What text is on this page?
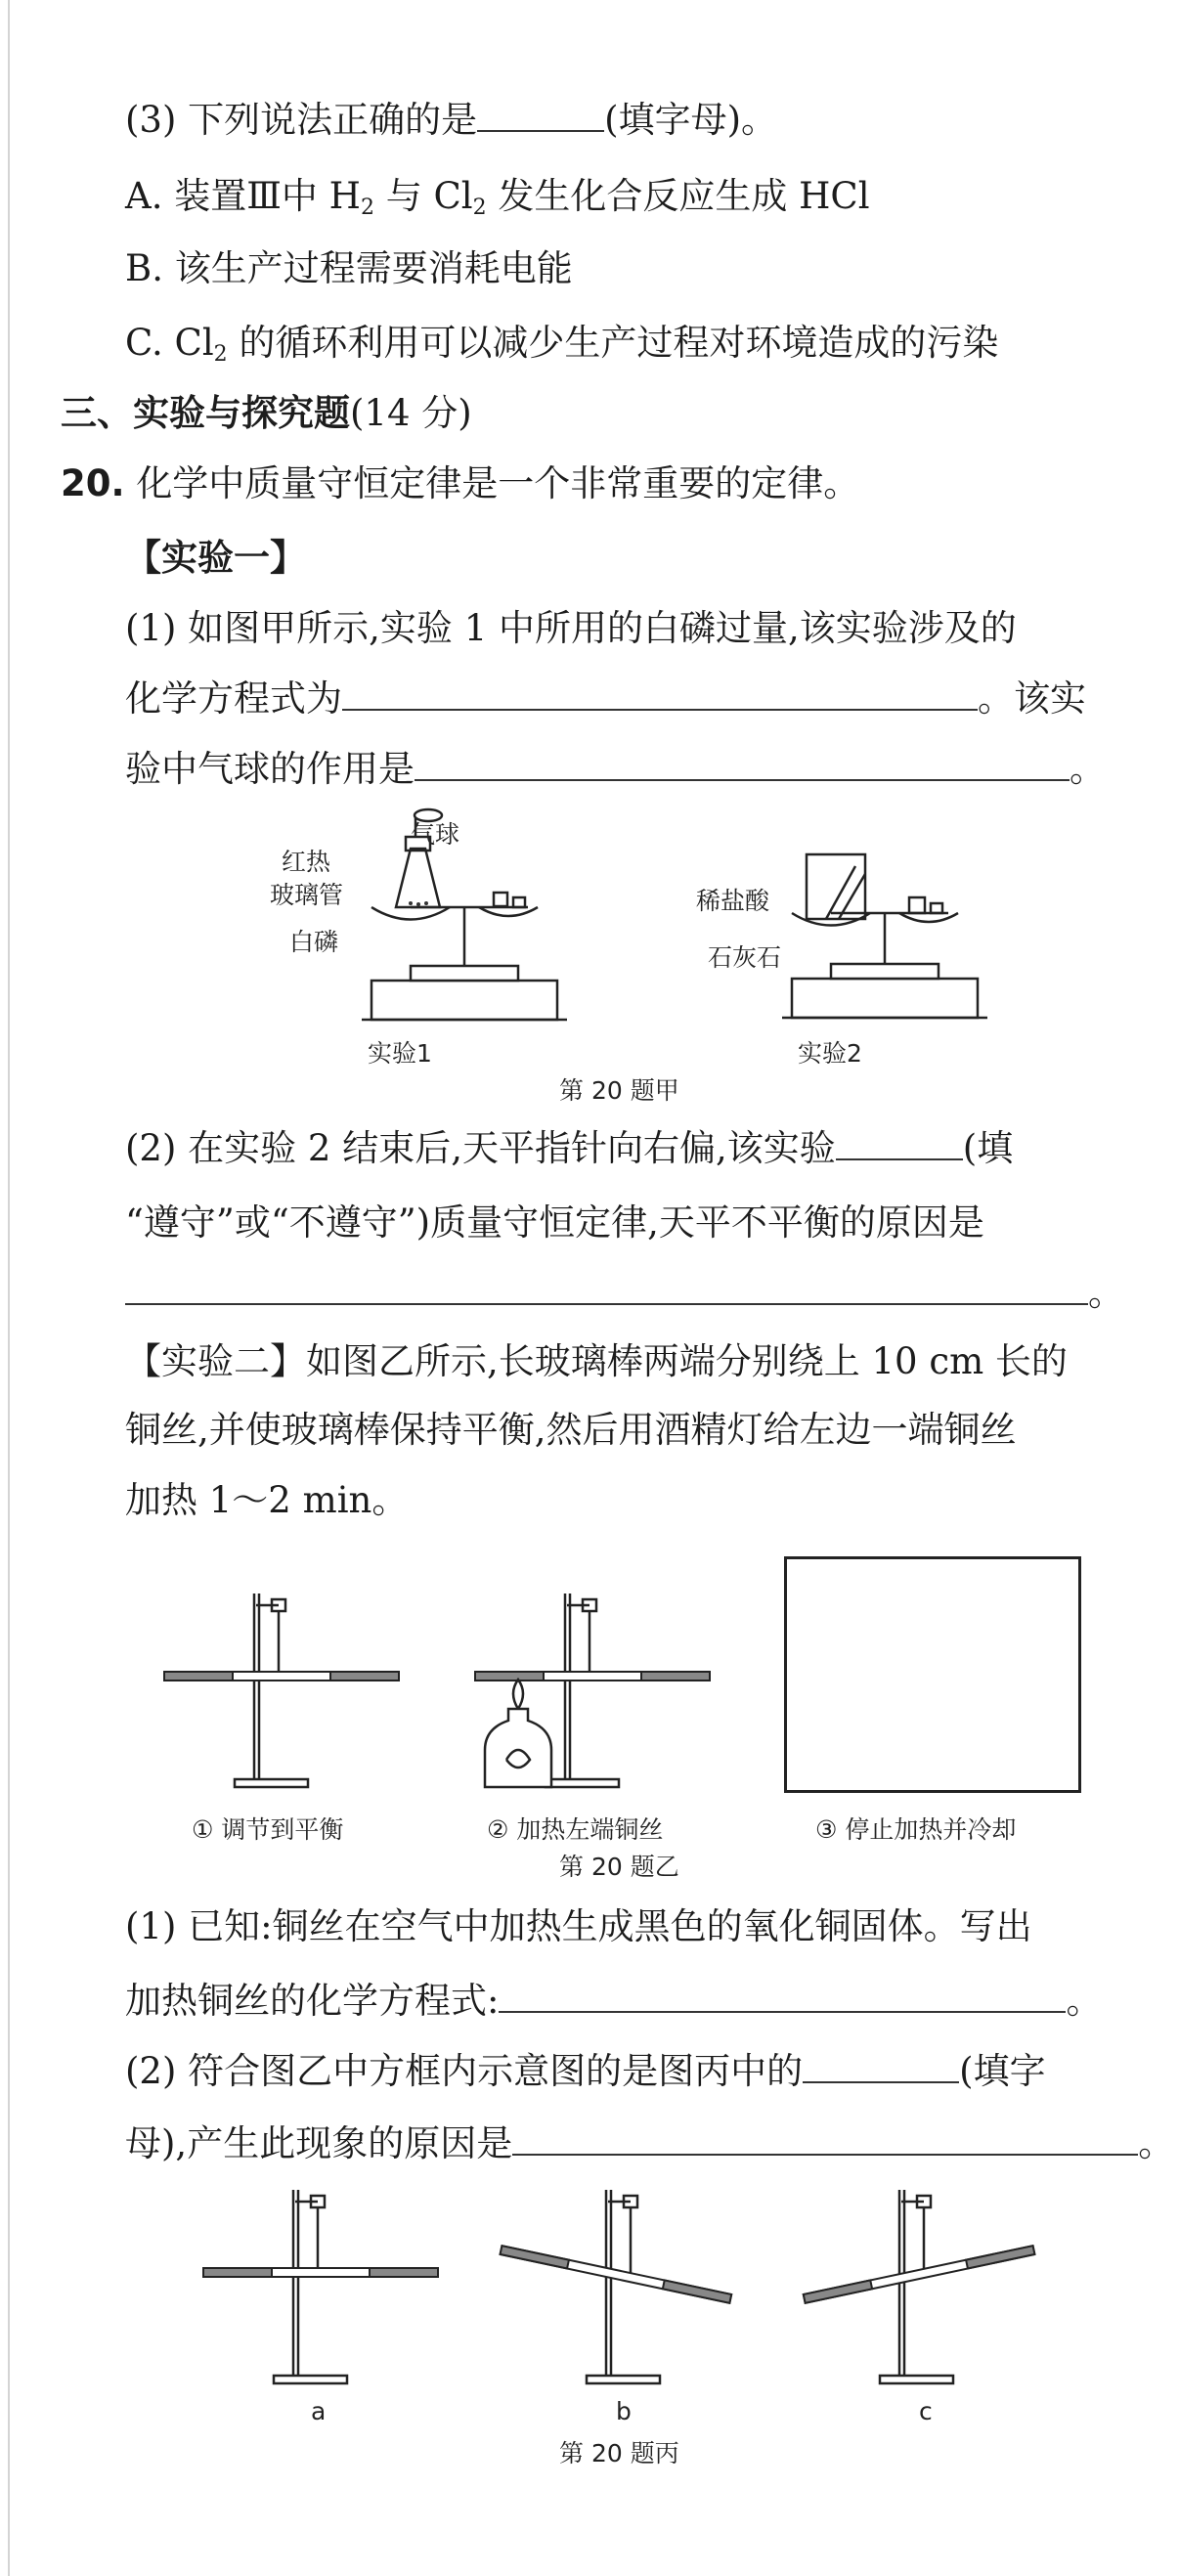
(3) 下列说法正确的是	(填字母)。
A. 装置Ⅲ中 $H_2$ 与 $Cl_2$ 发生化合反应生成 HCl
B. 该生产过程需要消耗电能
C. $Cl_2$ 的循环利用可以减少生产过程对环境造成的污染
三、实验与探究题(14 分)
20. 化学中质量守恒定律是一个非常重要的定律。
【实验一】
(1) 如图甲所示,实验 1 中所用的白磷过量,该实验涉及的
化学方程式为	。该实
验中气球的作用是	。
气球
红热
玻璃管
白磷
实验1
稀盐酸
石灰石
实验2
第 20 题甲
(2) 在实验 2 结束后,天平指针向右偏,该实验	(填
“遵守”或“不遵守”)质量守恒定律,天平不平衡的原因是
。
【实验二】如图乙所示,长玻璃棒两端分别绕上 10 cm 长的
铜丝,并使玻璃棒保持平衡,然后用酒精灯给左边一端铜丝
加热 1～2 min。
① 调节到平衡	② 加热左端铜丝	③ 停止加热并冷却
第 20 题乙
(1) 已知:铜丝在空气中加热生成黑色的氧化铜固体。写出
加热铜丝的化学方程式:	。
(2) 符合图乙中方框内示意图的是图丙中的	(填字
母),产生此现象的原因是	。
a	b	c
第 20 题丙
